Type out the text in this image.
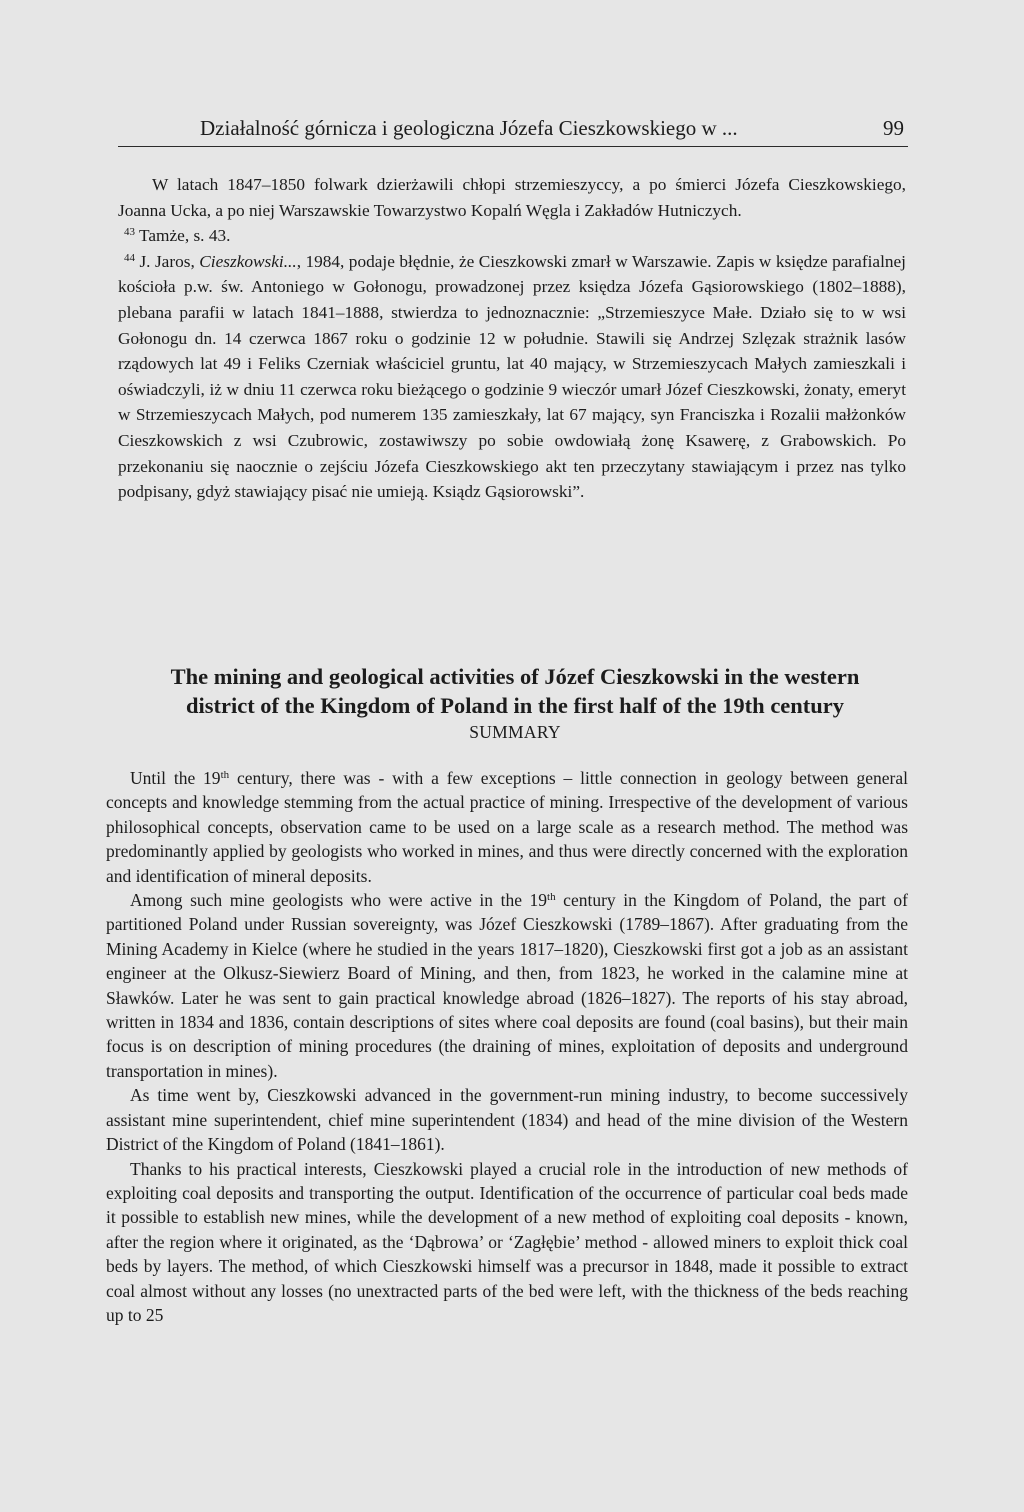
Działalność górnicza i geologiczna Józefa Cieszkowskiego w ...	99

W latach 1847–1850 folwark dzierżawili chłopi strzemieszyccy, a po śmierci Józefa Cieszkowskiego, Joanna Ucka, a po niej Warszawskie Towarzystwo Kopalń Węgla i Zakładów Hutniczych.

$^{43}$ Tamże, s. 43.

$^{44}$ J. Jaros, Cieszkowski..., 1984, podaje błędnie, że Cieszkowski zmarł w Warszawie. Zapis w księdze parafialnej kościoła p.w. św. Antoniego w Gołonogu, prowadzonej przez księdza Józefa Gąsiorowskiego (1802–1888), plebana parafii w latach 1841–1888, stwierdza to jednoznacznie: „Strzemieszyce Małe. Działo się to w wsi Gołonogu dn. 14 czerwca 1867 roku o godzinie 12 w południe. Stawili się Andrzej Szlęzak strażnik lasów rządowych lat 49 i Feliks Czerniak właściciel gruntu, lat 40 mający, w Strzemieszycach Małych zamieszkali i oświadczyli, iż w dniu 11 czerwca roku bieżącego o godzinie 9 wieczór umarł Józef Cieszkowski, żonaty, emeryt w Strzemieszycach Małych, pod numerem 135 zamieszkały, lat 67 mający, syn Franciszka i Rozalii małżonków Cieszkowskich z wsi Czubrowic, zostawiwszy po sobie owdowiałą żonę Ksawerę, z Grabowskich. Po przekonaniu się naocznie o zejściu Józefa Cieszkowskiego akt ten przeczytany stawiającym i przez nas tylko podpisany, gdyż stawiający pisać nie umieją. Ksiądz Gąsiorowski”.

The mining and geological activities of Józef Cieszkowski in the western
district of the Kingdom of Poland in the first half of the 19th century
SUMMARY

Until the 19th century, there was - with a few exceptions – little connection in geology between general concepts and knowledge stemming from the actual practice of mining. Irrespective of the development of various philosophical concepts, observation came to be used on a large scale as a research method. The method was predominantly applied by geologists who worked in mines, and thus were directly concerned with the exploration and identification of mineral deposits.

Among such mine geologists who were active in the 19th century in the Kingdom of Poland, the part of partitioned Poland under Russian sovereignty, was Józef Cieszkowski (1789–1867). After graduating from the Mining Academy in Kielce (where he studied in the years 1817–1820), Cieszkowski first got a job as an assistant engineer at the Olkusz-Siewierz Board of Mining, and then, from 1823, he worked in the calamine mine at Sławków. Later he was sent to gain practical knowledge abroad (1826–1827). The reports of his stay abroad, written in 1834 and 1836, contain descriptions of sites where coal deposits are found (coal basins), but their main focus is on description of mining procedures (the draining of mines, exploitation of deposits and underground transportation in mines).

As time went by, Cieszkowski advanced in the government-run mining industry, to become successively assistant mine superintendent, chief mine superintendent (1834) and head of the mine division of the Western District of the Kingdom of Poland (1841–1861).

Thanks to his practical interests, Cieszkowski played a crucial role in the introduction of new methods of exploiting coal deposits and transporting the output. Identification of the occurrence of particular coal beds made it possible to establish new mines, while the development of a new method of exploiting coal deposits - known, after the region where it originated, as the ‘Dąbrowa’ or ‘Zagłębie’ method - allowed miners to exploit thick coal beds by layers. The method, of which Cieszkowski himself was a precursor in 1848, made it possible to extract coal almost without any losses (no unextracted parts of the bed were left, with the thickness of the beds reaching up to 25
